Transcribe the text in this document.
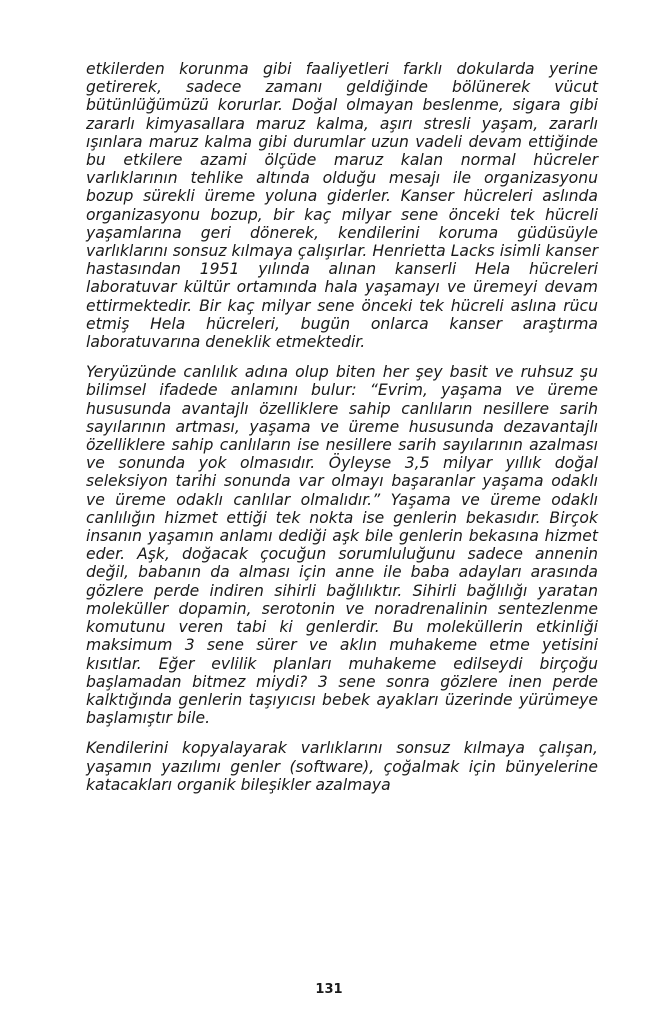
etkilerden korunma gibi faaliyetleri farklı dokularda yerine getirerek, sadece zamanı geldiğinde bölünerek vücut bütünlüğümüzü korurlar. Doğal olmayan beslenme, sigara gibi zararlı kimyasallara maruz kalma, aşırı stresli yaşam, zararlı ışınlara maruz kalma gibi durumlar uzun vadeli devam ettiğinde bu etkilere azami ölçüde maruz kalan normal hücreler varlıklarının tehlike altında olduğu mesajı ile organizasyonu bozup sürekli üreme yoluna giderler. Kanser hücreleri aslında organizasyonu bozup, bir kaç milyar sene önceki tek hücreli yaşamlarına geri dönerek, kendilerini koruma güdüsüyle varlıklarını sonsuz kılmaya çalışırlar. Henrietta Lacks isimli kanser hastasından 1951 yılında alınan kanserli Hela hücreleri laboratuvar kültür ortamında hala yaşamayı ve üremeyi devam ettirmektedir. Bir kaç milyar sene önceki tek hücreli aslına rücu etmiş Hela hücreleri, bugün onlarca kanser araştırma laboratuvarına deneklik etmektedir.

Yeryüzünde canlılık adına olup biten her şey basit ve ruhsuz şu bilimsel ifadede anlamını bulur: “Evrim, yaşama ve üreme hususunda avantajlı özelliklere sahip canlıların nesillere sarih sayılarının artması, yaşama ve üreme hususunda dezavantajlı özelliklere sahip canlıların ise nesillere sarih sayılarının azalması ve sonunda yok olmasıdır. Öyleyse 3,5 milyar yıllık doğal seleksiyon tarihi sonunda var olmayı başaranlar yaşama odaklı ve üreme odaklı canlılar olmalıdır.” Yaşama ve üreme odaklı canlılığın hizmet ettiği tek nokta ise genlerin bekasıdır. Birçok insanın yaşamın anlamı dediği aşk bile genlerin bekasına hizmet eder. Aşk, doğacak çocuğun sorumluluğunu sadece annenin değil, babanın da alması için anne ile baba adayları arasında gözlere perde indiren sihirli bağlılıktır. Sihirli bağlılığı yaratan moleküller dopamin, serotonin ve noradrenalinin sentezlenme komutunu veren tabi ki genlerdir. Bu moleküllerin etkinliği maksimum 3 sene sürer ve aklın muhakeme etme yetisini kısıtlar. Eğer evlilik planları muhakeme edilseydi birçoğu başlamadan bitmez miydi? 3 sene sonra gözlere inen perde kalktığında genlerin taşıyıcısı bebek ayakları üzerinde yürümeye başlamıştır bile.

Kendilerini kopyalayarak varlıklarını sonsuz kılmaya çalışan, yaşamın yazılımı genler (software), çoğalmak için bünyelerine katacakları organik bileşikler azalmaya

131
